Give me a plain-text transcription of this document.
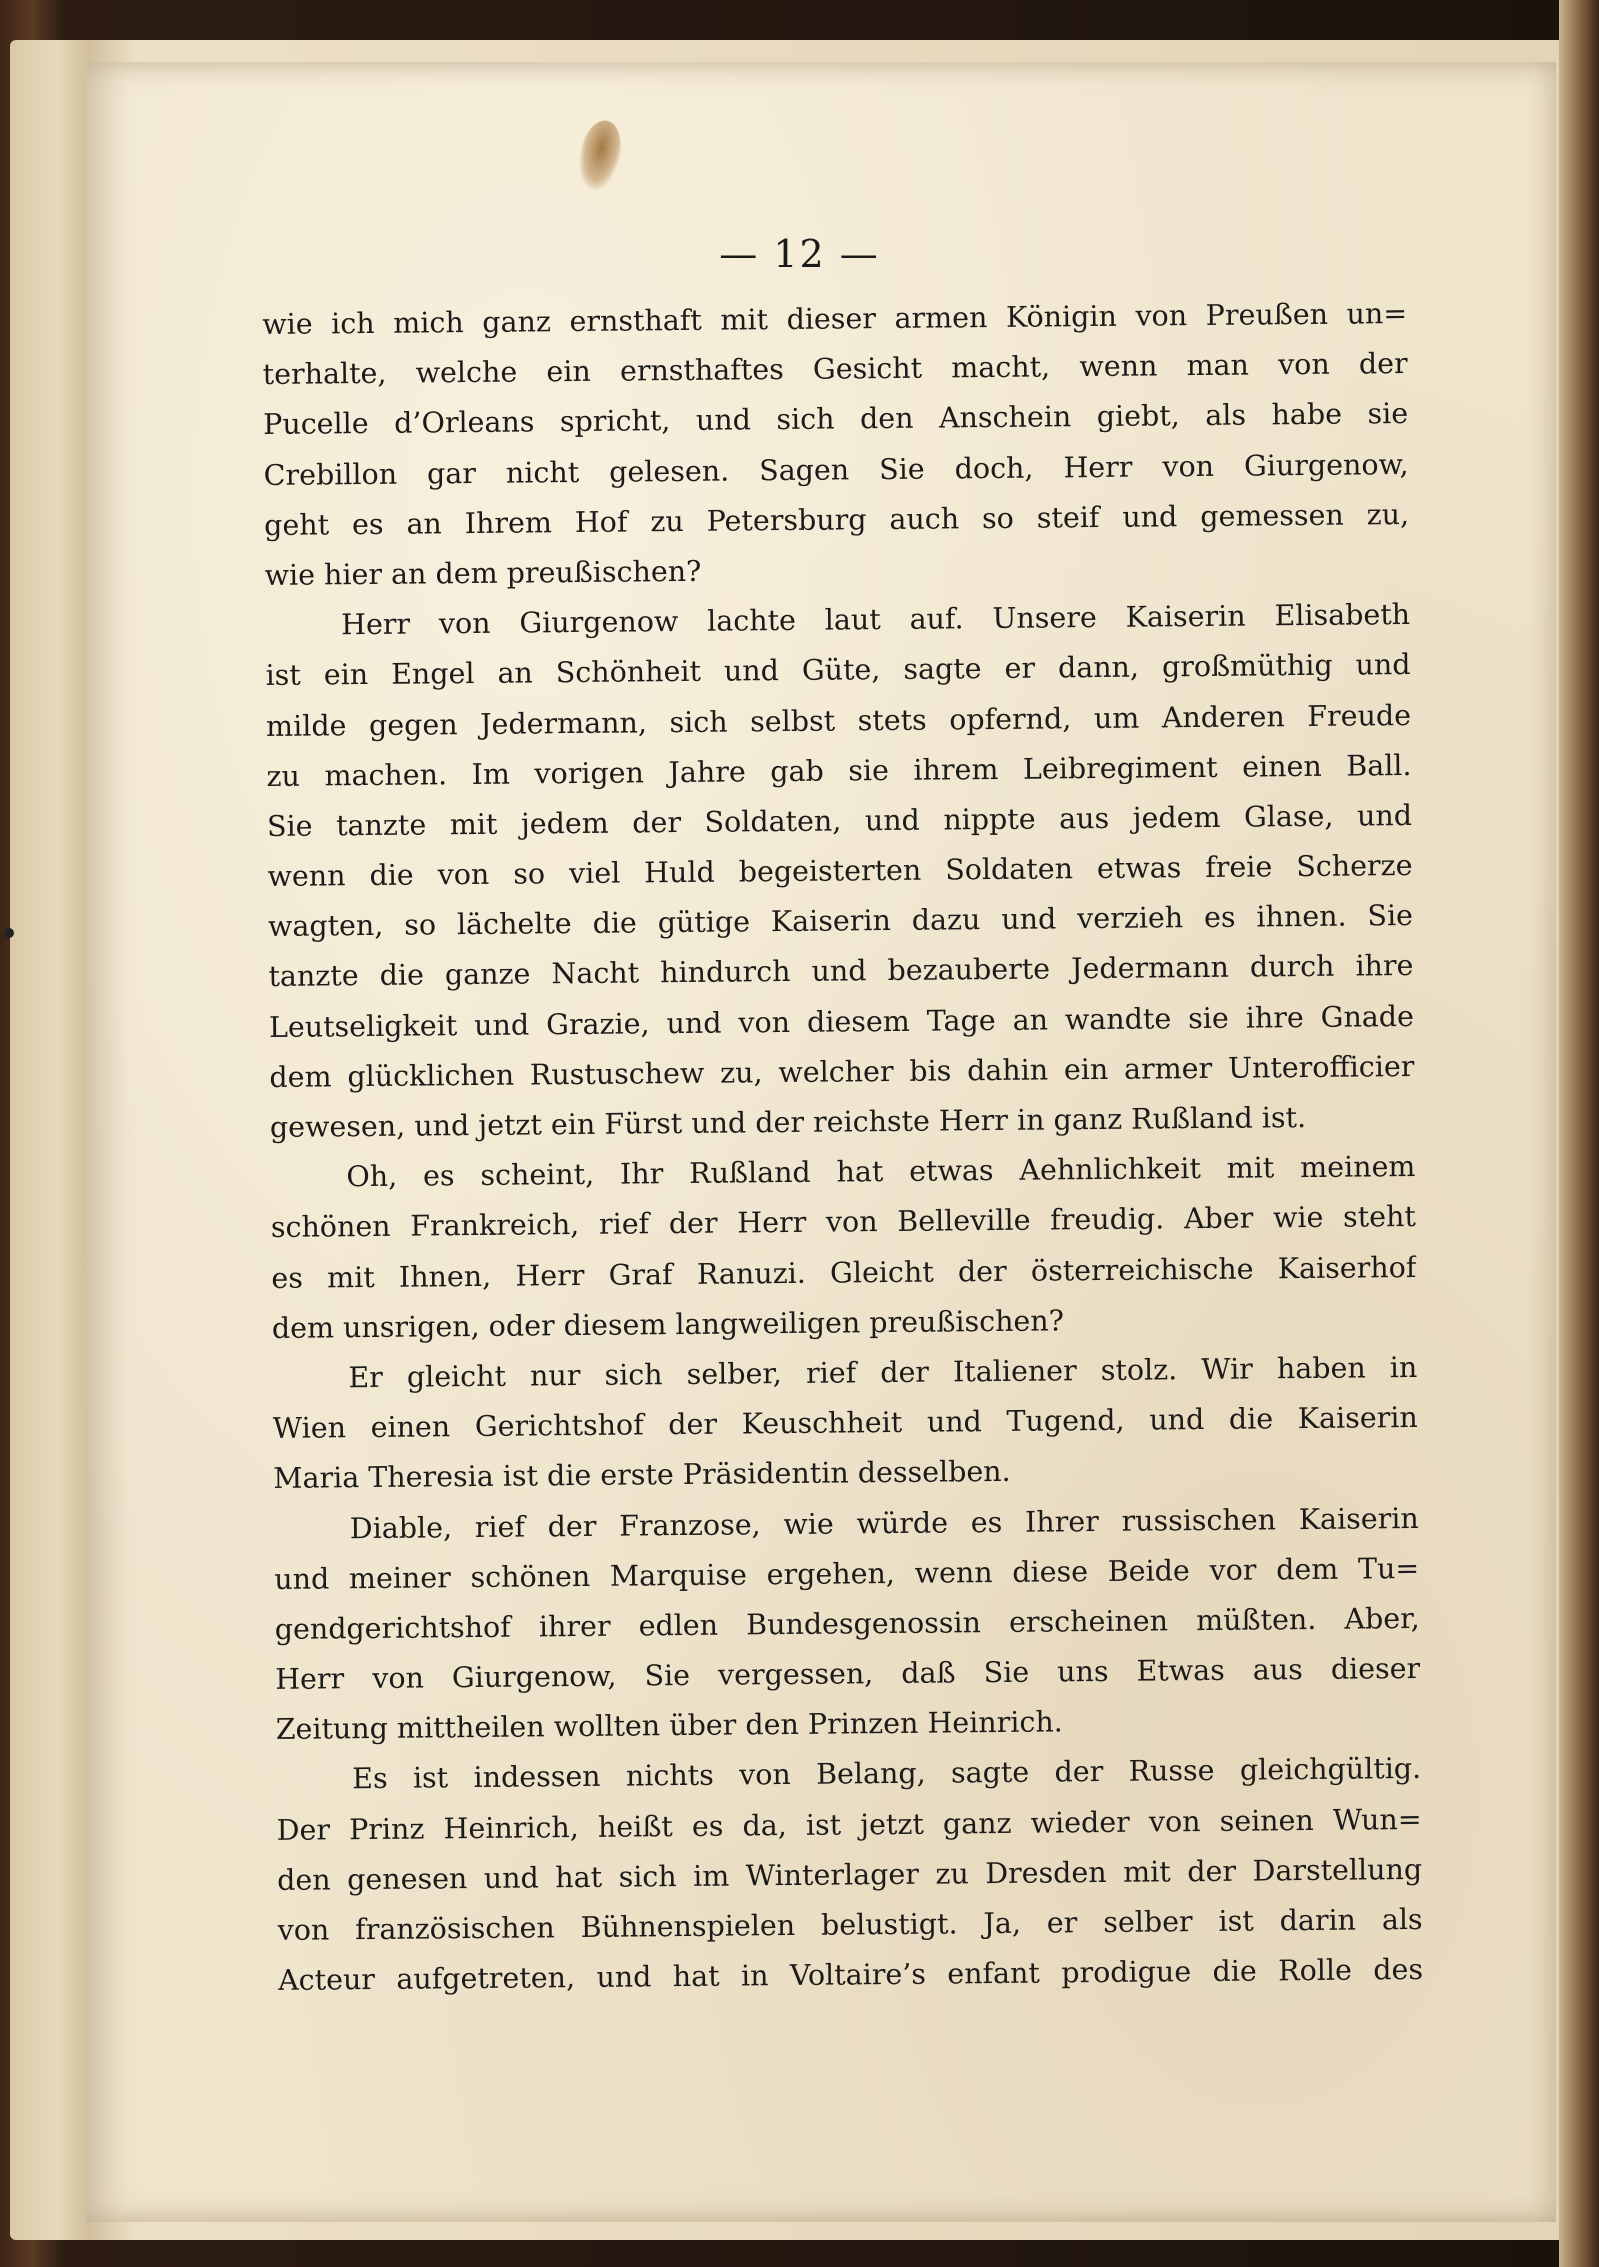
— 12 —
wie ich mich ganz ernsthaft mit dieser armen Königin von Preußen un=
terhalte, welche ein ernsthaftes Gesicht macht, wenn man von der
Pucelle d’Orleans spricht, und sich den Anschein giebt, als habe sie
Crebillon gar nicht gelesen. Sagen Sie doch, Herr von Giurgenow,
geht es an Ihrem Hof zu Petersburg auch so steif und gemessen zu,
wie hier an dem preußischen?
Herr von Giurgenow lachte laut auf. Unsere Kaiserin Elisabeth
ist ein Engel an Schönheit und Güte, sagte er dann, großmüthig und
milde gegen Jedermann, sich selbst stets opfernd, um Anderen Freude
zu machen. Im vorigen Jahre gab sie ihrem Leibregiment einen Ball.
Sie tanzte mit jedem der Soldaten, und nippte aus jedem Glase, und
wenn die von so viel Huld begeisterten Soldaten etwas freie Scherze
wagten, so lächelte die gütige Kaiserin dazu und verzieh es ihnen. Sie
tanzte die ganze Nacht hindurch und bezauberte Jedermann durch ihre
Leutseligkeit und Grazie, und von diesem Tage an wandte sie ihre Gnade
dem glücklichen Rustuschew zu, welcher bis dahin ein armer Unterofficier
gewesen, und jetzt ein Fürst und der reichste Herr in ganz Rußland ist.
Oh, es scheint, Ihr Rußland hat etwas Aehnlichkeit mit meinem
schönen Frankreich, rief der Herr von Belleville freudig. Aber wie steht
es mit Ihnen, Herr Graf Ranuzi. Gleicht der österreichische Kaiserhof
dem unsrigen, oder diesem langweiligen preußischen?
Er gleicht nur sich selber, rief der Italiener stolz. Wir haben in
Wien einen Gerichtshof der Keuschheit und Tugend, und die Kaiserin
Maria Theresia ist die erste Präsidentin desselben.
Diable, rief der Franzose, wie würde es Ihrer russischen Kaiserin
und meiner schönen Marquise ergehen, wenn diese Beide vor dem Tu=
gendgerichtshof ihrer edlen Bundesgenossin erscheinen müßten. Aber,
Herr von Giurgenow, Sie vergessen, daß Sie uns Etwas aus dieser
Zeitung mittheilen wollten über den Prinzen Heinrich.
Es ist indessen nichts von Belang, sagte der Russe gleichgültig.
Der Prinz Heinrich, heißt es da, ist jetzt ganz wieder von seinen Wun=
den genesen und hat sich im Winterlager zu Dresden mit der Darstellung
von französischen Bühnenspielen belustigt. Ja, er selber ist darin als
Acteur aufgetreten, und hat in Voltaire’s enfant prodigue die Rolle des
